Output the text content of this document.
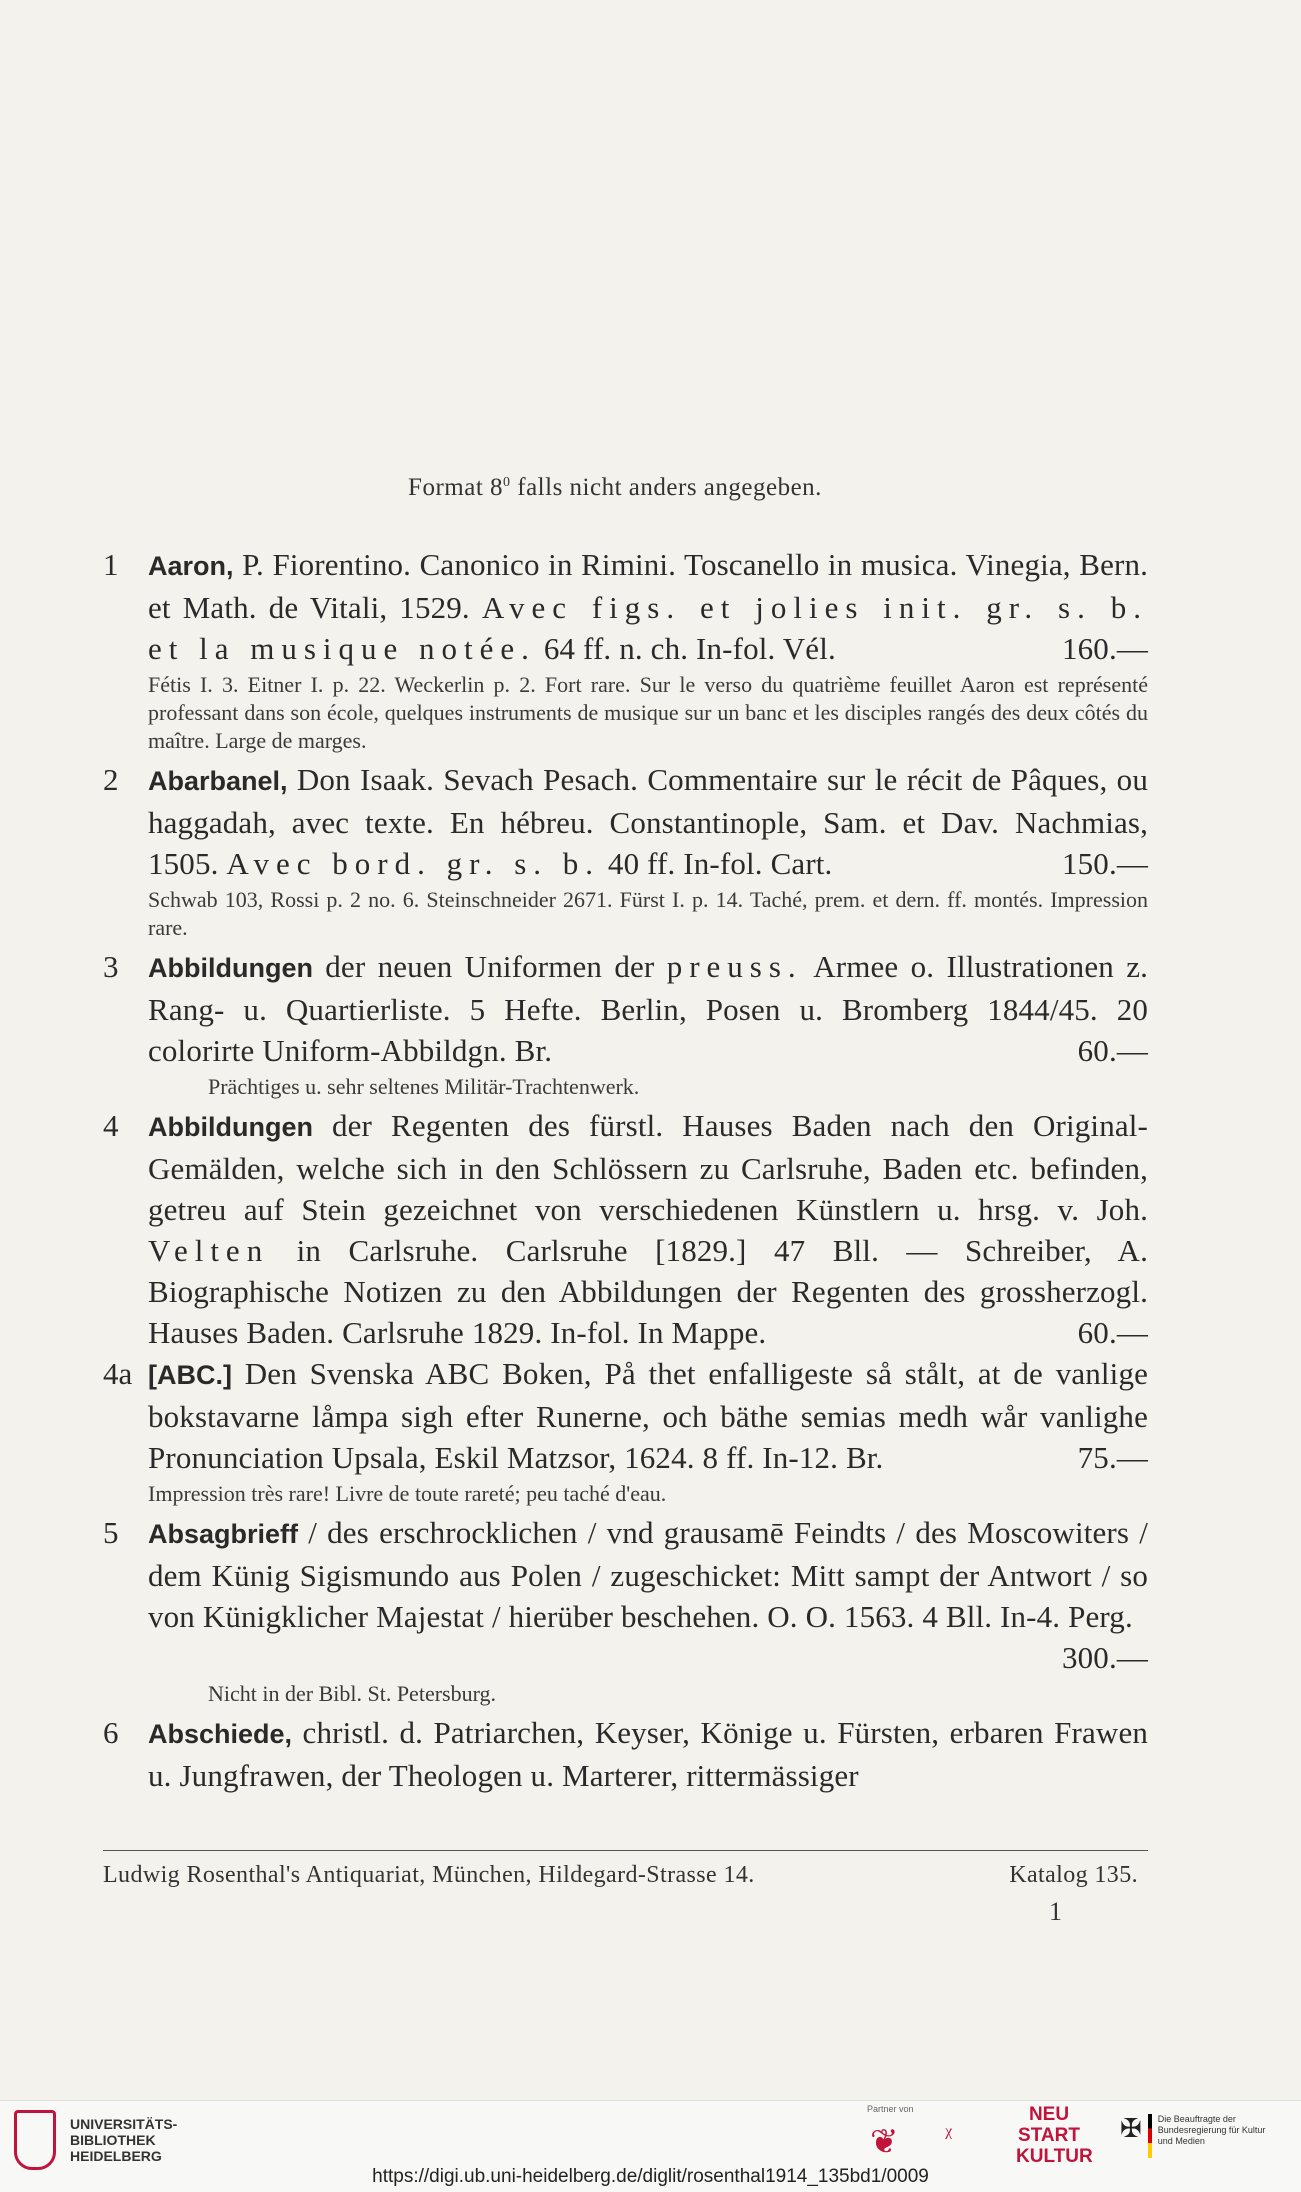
Format $8^0$ falls nicht anders angegeben.
1	Aaron, P. Fiorentino. Canonico in Rimini. Toscanello in musica. Vinegia, Bern. et Math. de Vitali, 1529. Avec figs. et jolies init. gr. s. b. et la musique notée. 64 ff. n. ch. In-fol. Vél.	160.—
Fétis I. 3. Eitner I. p. 22. Weckerlin p. 2. Fort rare. Sur le verso du quatrième feuillet Aaron est représenté professant dans son école, quelques instruments de musique sur un banc et les disciples rangés des deux côtés du maître. Large de marges.
2	Abarbanel, Don Isaak. Sevach Pesach. Commentaire sur le récit de Pâques, ou haggadah, avec texte. En hébreu. Constantinople, Sam. et Dav. Nachmias, 1505. Avec bord. gr. s. b. 40 ff. In-fol. Cart.	150.—
Schwab 103, Rossi p. 2 no. 6. Steinschneider 2671. Fürst I. p. 14. Taché, prem. et dern. ff. montés. Impression rare.
3	Abbildungen der neuen Uniformen der preuss. Armee o. Illustrationen z. Rang- u. Quartierliste. 5 Hefte. Berlin, Posen u. Bromberg 1844/45. 20 colorirte Uniform-Abbildgn. Br.	60.—
Prächtiges u. sehr seltenes Militär-Trachtenwerk.
4	Abbildungen der Regenten des fürstl. Hauses Baden nach den Original-Gemälden, welche sich in den Schlössern zu Carlsruhe, Baden etc. befinden, getreu auf Stein gezeichnet von verschiedenen Künstlern u. hrsg. v. Joh. Velten in Carlsruhe. Carlsruhe [1829.] 47 Bll. — Schreiber, A. Biographische Notizen zu den Abbildungen der Regenten des grossherzogl. Hauses Baden. Carlsruhe 1829. In-fol. In Mappe.	60.—
4a [ABC.] Den Svenska ABC Boken, På thet enfalligeste så stålt, at de vanlige bokstavarne låmpa sigh efter Runerne, och bäthe semias medh wår vanlighe Pronunciation Upsala, Eskil Matzsor, 1624. 8 ff. In-12. Br.	75.—
Impression très rare! Livre de toute rareté; peu taché d'eau.
5	Absagbrieff / des erschrocklichen / vnd grausamē Feindts / des Moscowiters / dem Künig Sigismundo aus Polen / zugeschicket: Mitt sampt der Antwort / so von Künigklicher Majestat / hierüber beschehen. O. O. 1563. 4 Bll. In-4. Perg.
300.—
Nicht in der Bibl. St. Petersburg.
6	Abschiede, christl. d. Patriarchen, Keyser, Könige u. Fürsten, erbaren Frawen u. Jungfrawen, der Theologen u. Marterer, rittermässiger
Ludwig Rosenthal's Antiquariat, München, Hildegard-Strasse 14.	Katalog 135.
1
UNIVERSITÄTS-
BIBLIOTHEK
HEIDELBERG
Partner von
❦ ᵡ
NEU
START
KULTUR
✠ Die Beauftragte der Bundesregierung für Kultur und Medien
https://digi.ub.uni-heidelberg.de/diglit/rosenthal1914_135bd1/0009
